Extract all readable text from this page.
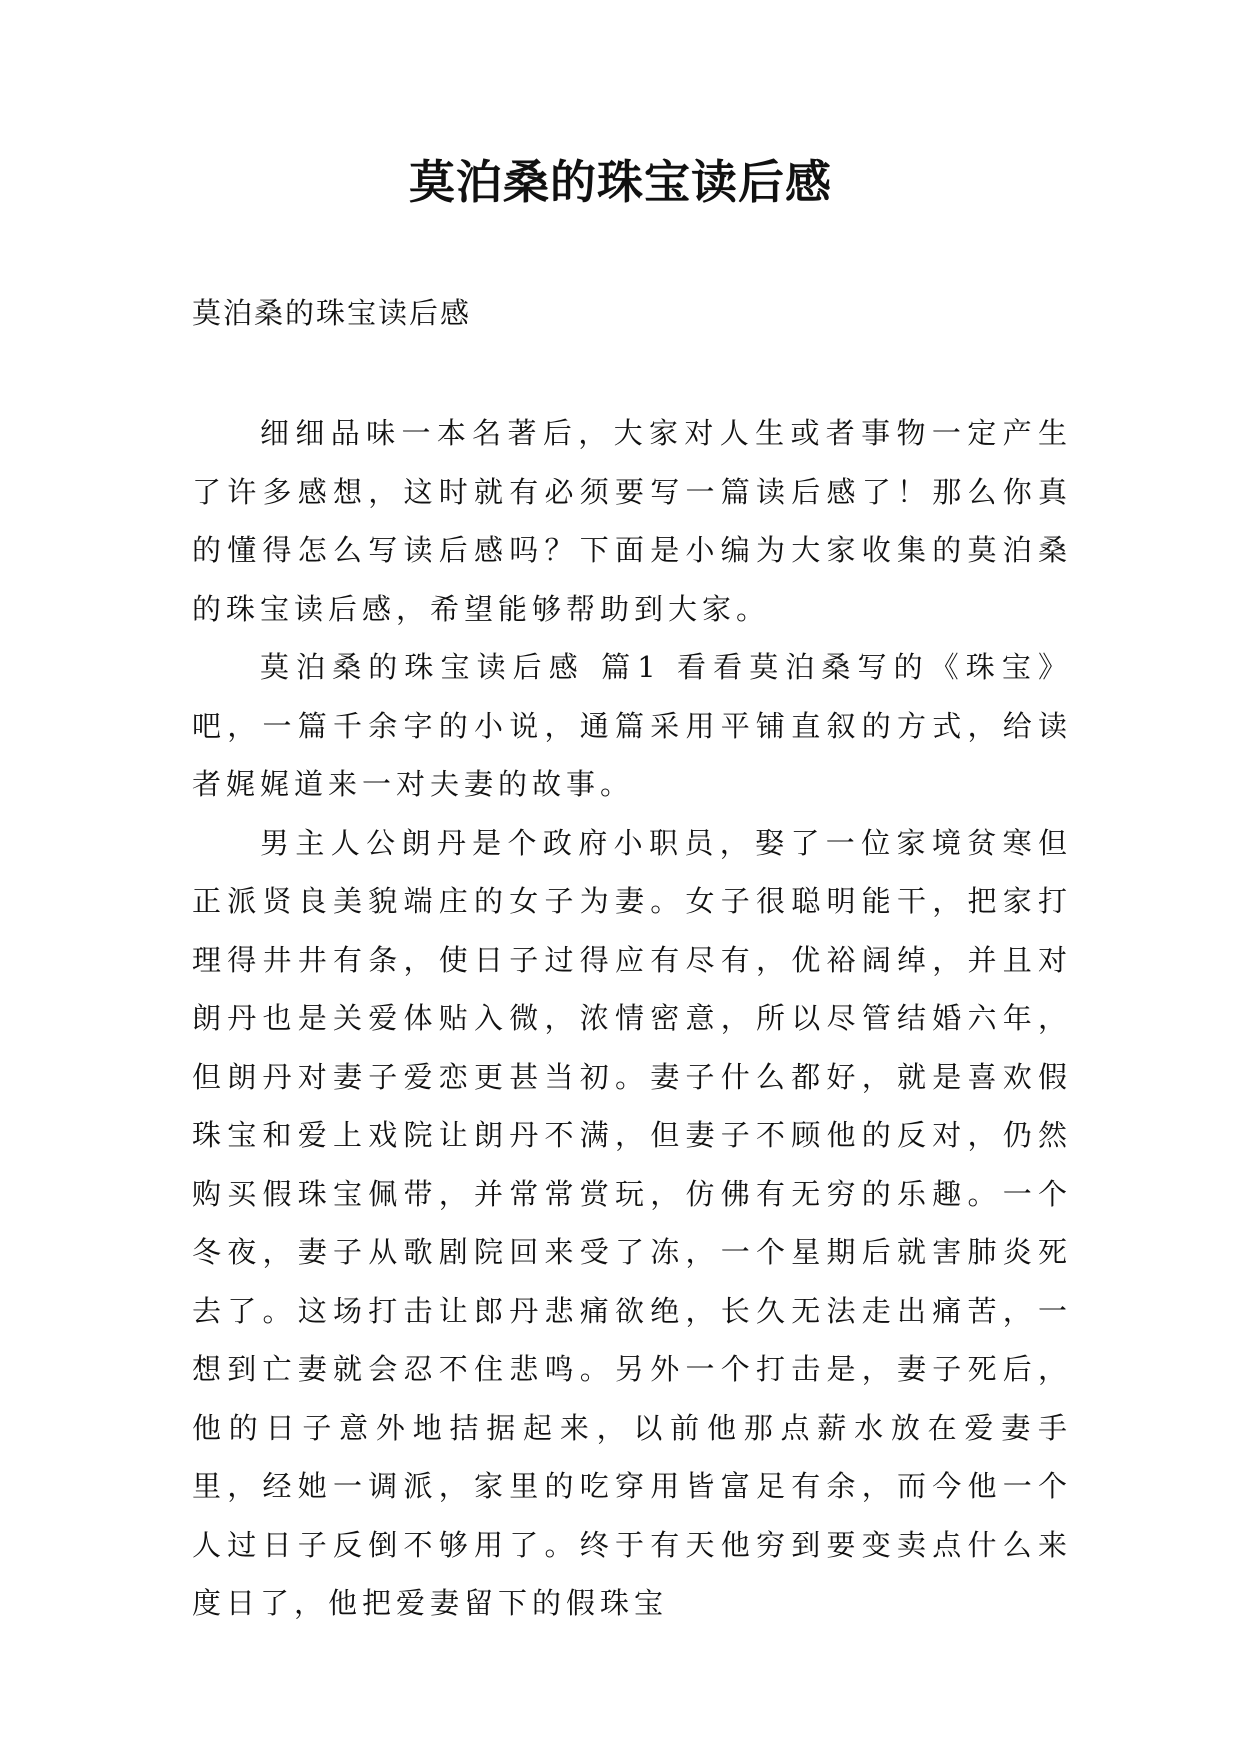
莫泊桑的珠宝读后感
莫泊桑的珠宝读后感

细细品味一本名著后，大家对人生或者事物一定产生了许多感想，这时就有必须要写一篇读后感了！那么你真的懂得怎么写读后感吗？下面是小编为大家收集的莫泊桑的珠宝读后感，希望能够帮助到大家。

莫泊桑的珠宝读后感 篇1 看看莫泊桑写的《珠宝》吧，一篇千余字的小说，通篇采用平铺直叙的方式，给读者娓娓道来一对夫妻的故事。

男主人公朗丹是个政府小职员，娶了一位家境贫寒但正派贤良美貌端庄的女子为妻。女子很聪明能干，把家打理得井井有条，使日子过得应有尽有，优裕阔绰，并且对朗丹也是关爱体贴入微，浓情密意，所以尽管结婚六年，但朗丹对妻子爱恋更甚当初。妻子什么都好，就是喜欢假珠宝和爱上戏院让朗丹不满，但妻子不顾他的反对，仍然购买假珠宝佩带，并常常赏玩，仿佛有无穷的乐趣。一个冬夜，妻子从歌剧院回来受了冻，一个星期后就害肺炎死去了。这场打击让郎丹悲痛欲绝，长久无法走出痛苦，一想到亡妻就会忍不住悲鸣。另外一个打击是，妻子死后，他的日子意外地拮据起来，以前他那点薪水放在爱妻手里，经她一调派，家里的吃穿用皆富足有余，而今他一个人过日子反倒不够用了。终于有天他穷到要变卖点什么来度日了，他把爱妻留下的假珠宝
